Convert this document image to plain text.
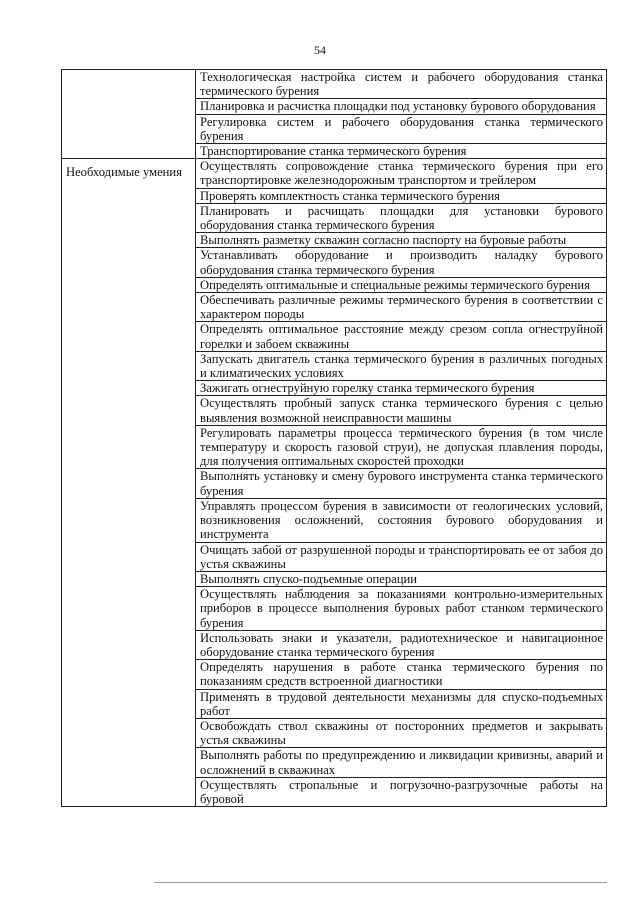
54
	Технологическая настройка систем и рабочего оборудования станка термического бурения
	Планировка и расчистка площадки под установку бурового оборудования
	Регулировка систем и рабочего оборудования станка термического бурения
	Транспортирование станка термического бурения

Необходимые умения	Осуществлять сопровождение станка термического бурения при его транспортировке железнодорожным транспортом и трейлером
	Проверять комплектность станка термического бурения
	Планировать и расчищать площадки для установки бурового оборудования станка термического бурения
	Выполнять разметку скважин согласно паспорту на буровые работы
	Устанавливать оборудование и производить наладку бурового оборудования станка термического бурения
	Определять оптимальные и специальные режимы термического бурения
	Обеспечивать различные режимы термического бурения в соответствии с характером породы
	Определять оптимальное расстояние между срезом сопла огнеструйной горелки и забоем скважины
	Запускать двигатель станка термического бурения в различных погодных и климатических условиях
	Зажигать огнеструйную горелку станка термического бурения
	Осуществлять пробный запуск станка термического бурения с целью выявления возможной неисправности машины
	Регулировать параметры процесса термического бурения (в том числе температуру и скорость газовой струи), не допуская плавления породы, для получения оптимальных скоростей проходки
	Выполнять установку и смену бурового инструмента станка термического бурения
	Управлять процессом бурения в зависимости от геологических условий, возникновения осложнений, состояния бурового оборудования и инструмента
	Очищать забой от разрушенной породы и транспортировать ее от забоя до устья скважины
	Выполнять спуско-подъемные операции
	Осуществлять наблюдения за показаниями контрольно-измерительных приборов в процессе выполнения буровых работ станком термического бурения
	Использовать знаки и указатели, радиотехническое и навигационное оборудование станка термического бурения
	Определять нарушения в работе станка термического бурения по показаниям средств встроенной диагностики
	Применять в трудовой деятельности механизмы для спуско-подъемных работ
	Освобождать ствол скважины от посторонних предметов и закрывать устья скважины
	Выполнять работы по предупреждению и ликвидации кривизны, аварий и осложнений в скважинах
	Осуществлять стропальные и погрузочно-разгрузочные работы на буровой
